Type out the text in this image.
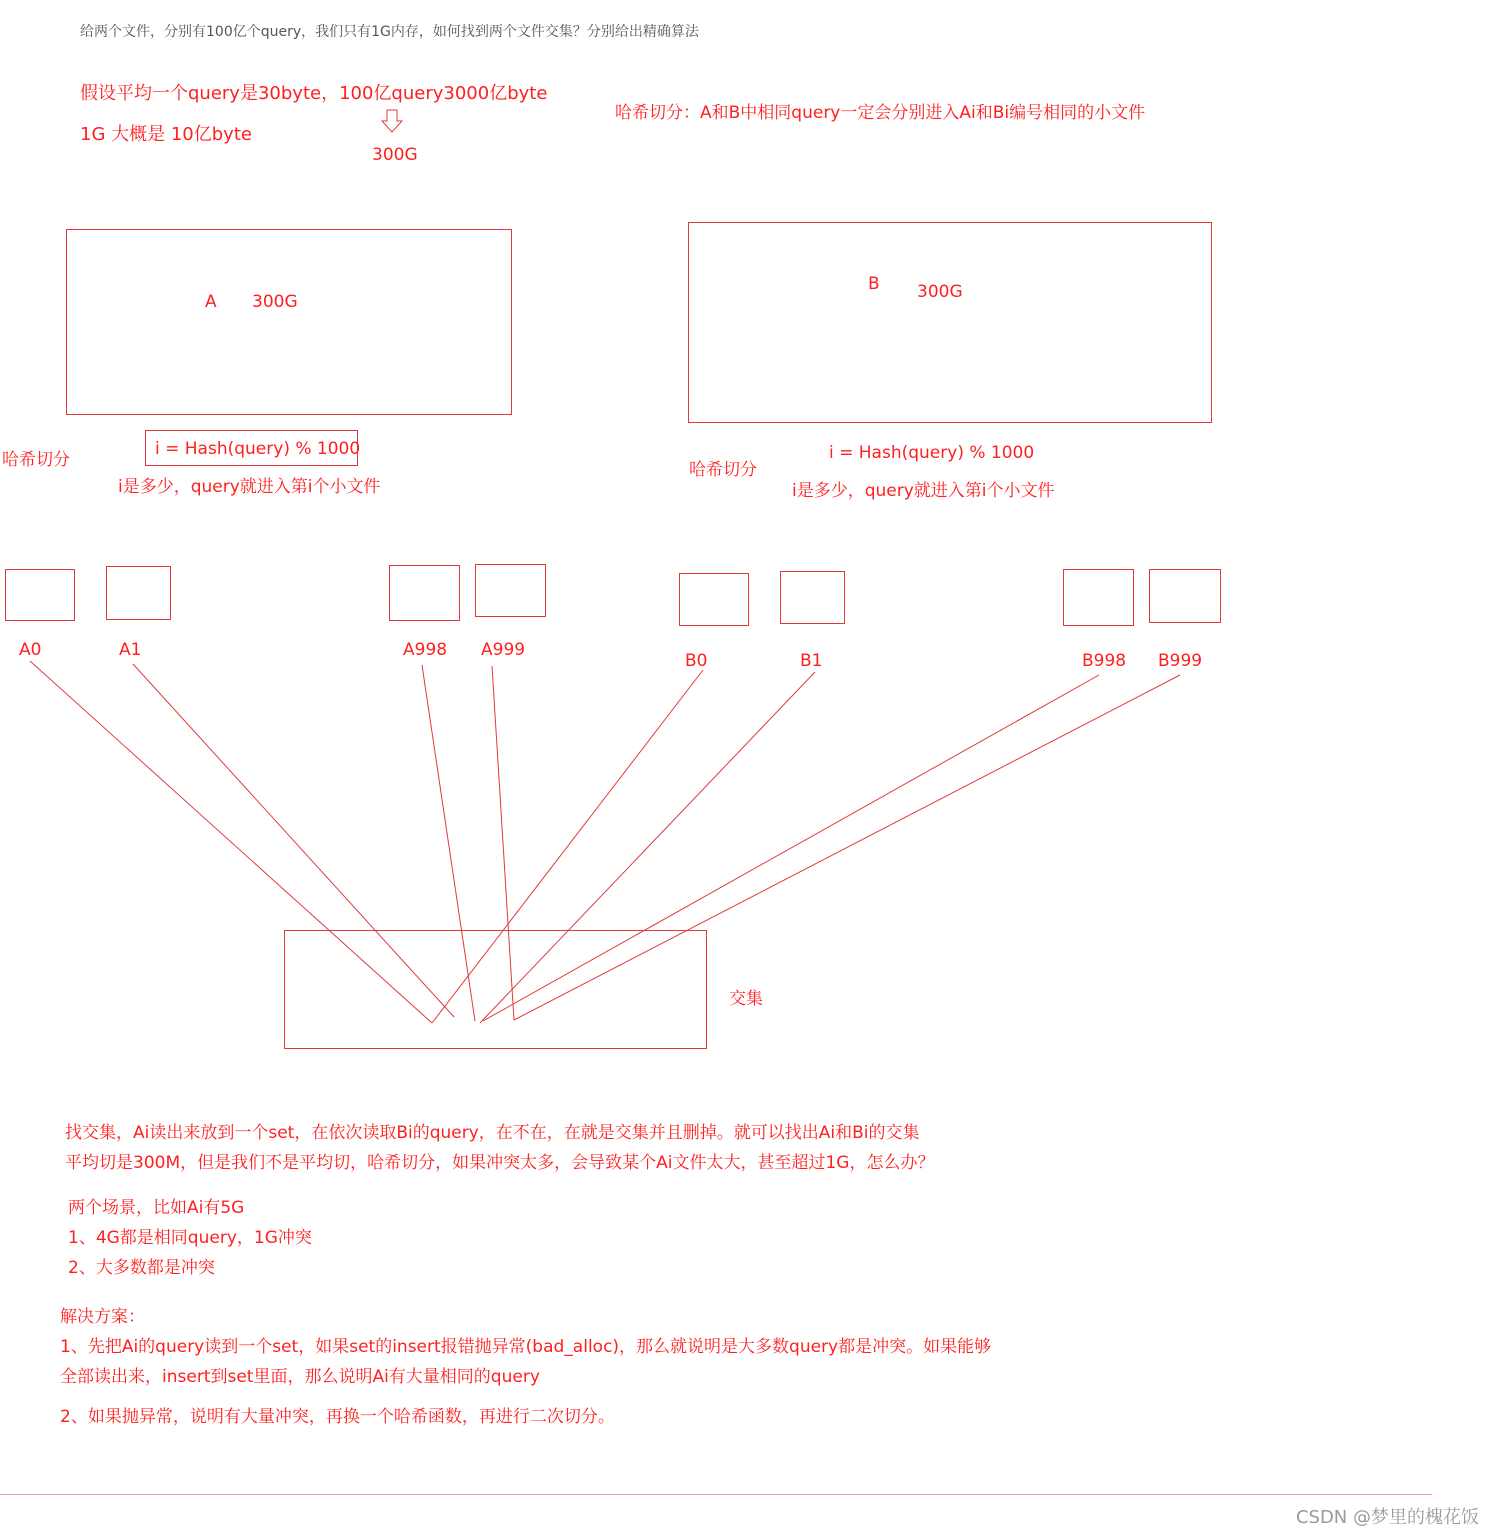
给两个文件，分别有100亿个query，我们只有1G内存，如何找到两个文件交集？分别给出精确算法
假设平均一个query是30byte，100亿query3000亿byte
1G 大概是 10亿byte
300G
哈希切分：A和B中相同query一定会分别进入Ai和Bi编号相同的小文件
A 300G
B 300G
哈希切分
i = Hash(query) % 1000
i是多少，query就进入第i个小文件
哈希切分
i = Hash(query) % 1000
i是多少，query就进入第i个小文件
A0	A1	A998 A999
B0	B1	B998 B999
交集
找交集，Ai读出来放到一个set，在依次读取Bi的query，在不在，在就是交集并且删掉。就可以找出Ai和Bi的交集
平均切是300M，但是我们不是平均切，哈希切分，如果冲突太多，会导致某个Ai文件太大，甚至超过1G，怎么办？
两个场景，比如Ai有5G
1、4G都是相同query，1G冲突
2、大多数都是冲突
解决方案：
1、先把Ai的query读到一个set，如果set的insert报错抛异常(bad_alloc)，那么就说明是大多数query都是冲突。如果能够
全部读出来，insert到set里面，那么说明Ai有大量相同的query
2、如果抛异常，说明有大量冲突，再换一个哈希函数，再进行二次切分。
CSDN @梦里的槐花饭
